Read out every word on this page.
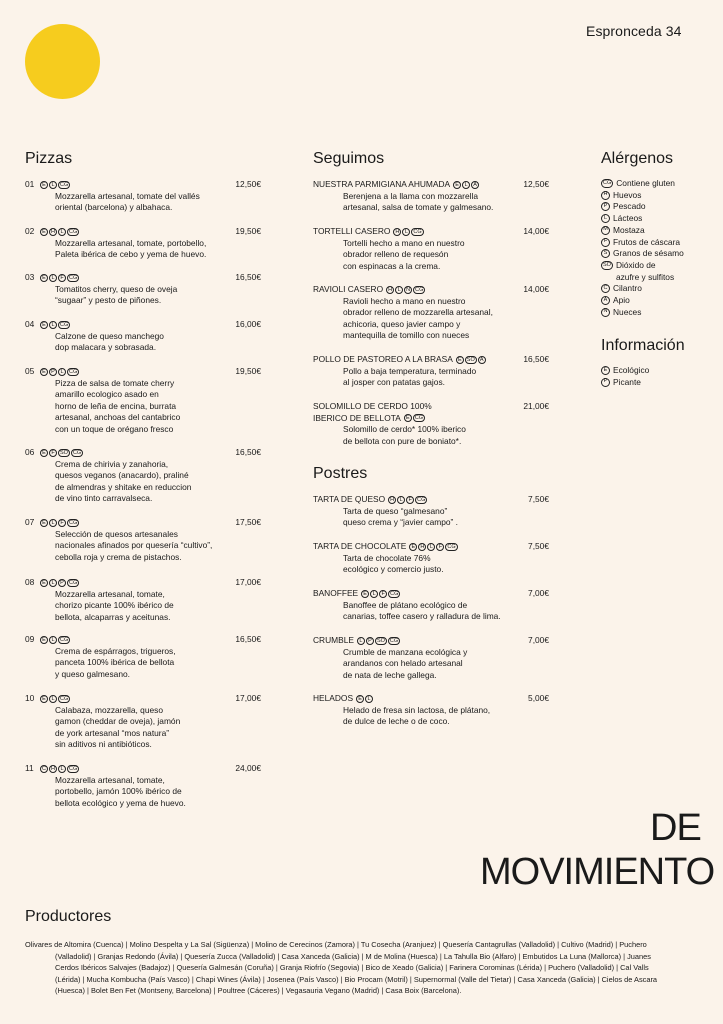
Espronceda 34
Pizzas	Seguimos
Postres
Alérgenos
Información
01	E	L CG	12,50€
Mozzarella artesanal, tomate del vallés
oriental (barcelona) y albahaca.
02	E H L CG	19,50€
Mozzarella artesanal, tomate, portobello,
Paleta ibérica de cebo y yema de huevo.
03	E	L	F CG	16,50€
Tomatitos cherry, queso de oveja
“sugaar” y pesto de piñones.
04	E	L CG	16,00€
Calzone de queso manchego
dop malacara y sobrasada.
05	E P	L CG	19,50€
Pizza de salsa de tomate cherry
amarillo ecologico asado en
horno de leña de encina, burrata
artesanal, anchoas del cantabrico
con un toque de orégano fresco
06	E F SO CG	16,50€
Crema de chirivia y zanahoria,
quesos veganos (anacardo), praliné
de almendras y shitake en reduccion
de vino tinto carravalseca.
07	E	L	F CG	17,50€
Selección de quesos artesanales
nacionales afinados por quesería “cultivo”,
cebolla roja y crema de pistachos.
08	E	L	P CG	17,00€
Mozzarella artesanal, tomate,
chorizo picante 100% ibérico de
bellota, alcaparras y aceitunas.
09	E	L CG	16,50€
Crema de espárragos, trigueros,
panceta 100% ibérica de bellota
y queso galmesano.
10	E	L CG	17,00€
Calabaza, mozzarella, queso
gamon (cheddar de oveja), jamón
de york artesanal “mos natura”
sin aditivos ni antibióticos.
11	C H L CG	24,00€
Mozzarella artesanal, tomate,
portobello, jamón 100% ibérico de
bellota ecológico y yema de huevo.
NUESTRA PARMIGIANA AHUMADA E	L	A	12,50€
Berenjena a la llama con mozzarella
artesanal, salsa de tomate y galmesano.
TORTELLI CASERO H L CG	14,00€
Tortelli hecho a mano en nuestro
obrador relleno de requesón
con espinacas a la crema.
RAVIOLI CASERO H L N CG	14,00€
Ravioli hecho a mano en nuestro
obrador relleno de mozzarella artesanal,
achicoria, queso javier campo y
mantequilla de tomillo con nueces
POLLO DE PASTOREO A LA BRASA E SO A	16,50€
Pollo a baja temperatura, terminado
al josper con patatas gajos.
SOLOMILLO DE CERDO 100%
IBERICO DE BELLOTA E CG
21,00€
Solomillo de cerdo* 100% iberico
de bellota con pure de boniato*.
TARTA DE QUESO H L	F CG	7,50€
Tarta de queso “galmesano”
queso crema y “javier campo” .
TARTA DE CHOCOLATE E H L	F CG	7,50€
Tarta de chocolate 76%
ecológico y comercio justo.
BANOFFEE E	L	F CG	7,00€
Banoffee de plátano ecológico de
canarias, toffee casero y ralladura de lima.
CRUMBLE L	P SO CG	7,00€
Crumble de manzana ecológica y
arandanos con helado artesanal
de nata de leche gallega.
HELADOS E	L	5,00€
Helado de fresa sin lactosa, de plátano,
de dulce de leche o de coco.
CG Contiene gluten
H Huevos
P Pescado
L Lácteos
M Mostaza
F Frutos de cáscara
S Granos de sésamo
SO Dióxido de
azufre y sulfitos
C Cilantro
A Apio
N Nueces
E Ecológico
P Picante
DE
MOVIMIENTO
Productores
Olivares de Altomira (Cuenca) | Molino Despelta y La Sal (Sigüenza) | Molino de Cerecinos (Zamora) | Tu Cosecha (Aranjuez) | Quesería Cantagrullas (Valladolid) | Cultivo (Madrid) | Puchero
(Valladolid) | Granjas Redondo (Ávila) | Quesería Zucca (Valladolid) | Casa Xanceda (Galicia) | M de Molina (Huesca) | La Tahulla Bio (Alfaro) | Embutidos La Luna (Mallorca) | Juanes
Cerdos Ibéricos Salvajes (Badajoz) | Quesería Galmesán (Coruña) | Granja Riofrío (Segovia) | Bico de Xeado (Galicia) | Farinera Corominas (Lérida) | Puchero (Valladolid) | Cal Valls
(Lérida) | Mucha Kombucha (País Vasco) | Chapi Wines (Ávila) | Josenea (País Vasco) | Bio Procam (Motril) | Supernormal (Valle del Tietar) | Casa Xanceda (Galicia) | Cielos de Ascara
(Huesca) | Bolet Ben Fet (Montseny, Barcelona) | Poultree (Cáceres) | Vegasauria Vegano (Madrid) | Casa Boix (Barcelona).
